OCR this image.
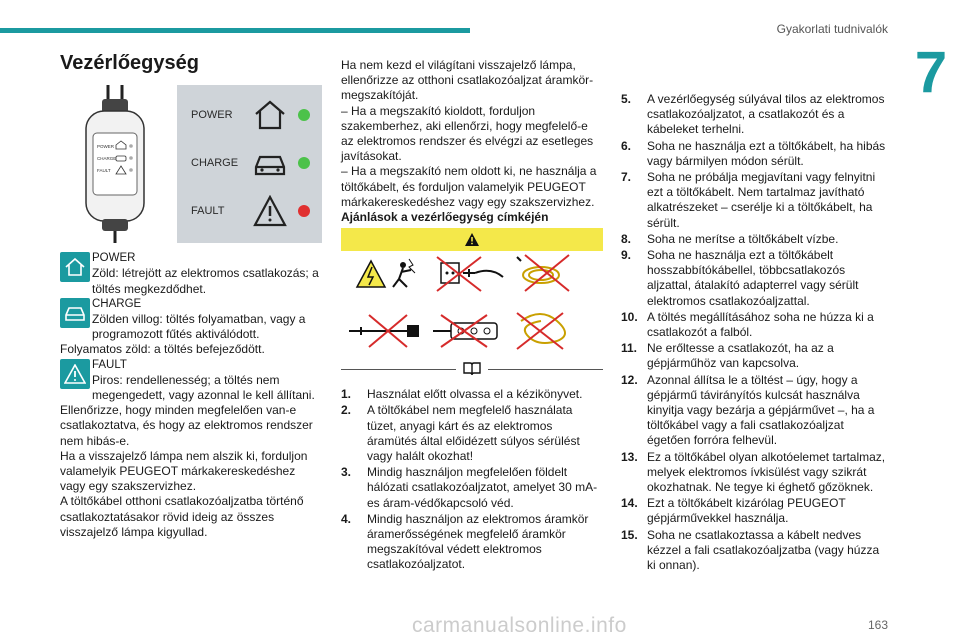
Gyakorlati tudnivalók
7
Vezérlőegység
POWER
CHARGE
FAULT
POWER
CHARGE
FAULT
POWER
Zöld: létrejött az elektromos csatlakozás; a töltés megkezdődhet.
CHARGE
Zölden villog: töltés folyamatban, vagy a programozott fűtés aktiválódott.

Folyamatos zöld: a töltés befejeződött.

FAULT
Piros: rendellenesség; a töltés nem megengedett, vagy azonnal le kell állítani.

Ellenőrizze, hogy minden megfelelően van-e csatlakoztatva, és hogy az elektromos rendszer nem hibás-e.

Ha a visszajelző lámpa nem alszik ki, forduljon valamelyik PEUGEOT márkakereskedéshez vagy egy szakszervizhez.

A töltőkábel otthoni csatlakozóaljzatba történő csatlakoztatásakor rövid ideig az összes visszajelző lámpa kigyullad.

Ha nem kezd el világítani visszajelző lámpa, ellenőrizze az otthoni csatlakozóaljzat áramkör-megszakítóját.

– Ha a megszakító kioldott, forduljon szakemberhez, aki ellenőrzi, hogy megfelelő-e az elektromos rendszer és elvégzi az esetleges javításokat.

– Ha a megszakító nem oldott ki, ne használja a töltőkábelt, és forduljon valamelyik PEUGEOT márkakereskedéshez vagy egy szakszervizhez.

Ajánlások a vezérlőegység címkéjén

1. Használat előtt olvassa el a kézikönyvet.
2. A töltőkábel nem megfelelő használata tüzet, anyagi kárt és az elektromos áramütés által előidézett súlyos sérülést vagy halált okozhat!
3. Mindig használjon megfelelően földelt hálózati csatlakozóaljzatot, amelyet 30 mA-es áram-védőkapcsoló véd.
4. Mindig használjon az elektromos áramkör áramerősségének megfelelő áramkör megszakítóval védett elektromos csatlakozóaljzatot.
5. A vezérlőegység súlyával tilos az elektromos csatlakozóaljzatot, a csatlakozót és a kábeleket terhelni.
6. Soha ne használja ezt a töltőkábelt, ha hibás vagy bármilyen módon sérült.
7. Soha ne próbálja megjavítani vagy felnyitni ezt a töltőkábelt. Nem tartalmaz javítható alkatrészeket – cserélje ki a töltőkábelt, ha sérült.
8. Soha ne merítse a töltőkábelt vízbe.
9. Soha ne használja ezt a töltőkábelt hosszabbítókábellel, többcsatlakozós aljzattal, átalakító adapterrel vagy sérült elektromos csatlakozóaljzattal.
10. A töltés megállításához soha ne húzza ki a csatlakozót a falból.
11. Ne erőltesse a csatlakozót, ha az a gépjárműhöz van kapcsolva.
12. Azonnal állítsa le a töltést – úgy, hogy a gépjármű távirányítós kulcsát használva kinyitja vagy bezárja a gépjárművet –, ha a töltőkábel vagy a fali csatlakozóaljzat égetően forróra felhevül.
13. Ez a töltőkábel olyan alkotóelemet tartalmaz, melyek elektromos ívkisülést vagy szikrát okozhatnak. Ne tegye ki éghető gőzöknek.
14. Ezt a töltőkábelt kizárólag PEUGEOT gépjárművekkel használja.
15. Soha ne csatlakoztassa a kábelt nedves kézzel a fali csatlakozóaljzatba (vagy húzza ki onnan).
163
carmanualsonline.info
